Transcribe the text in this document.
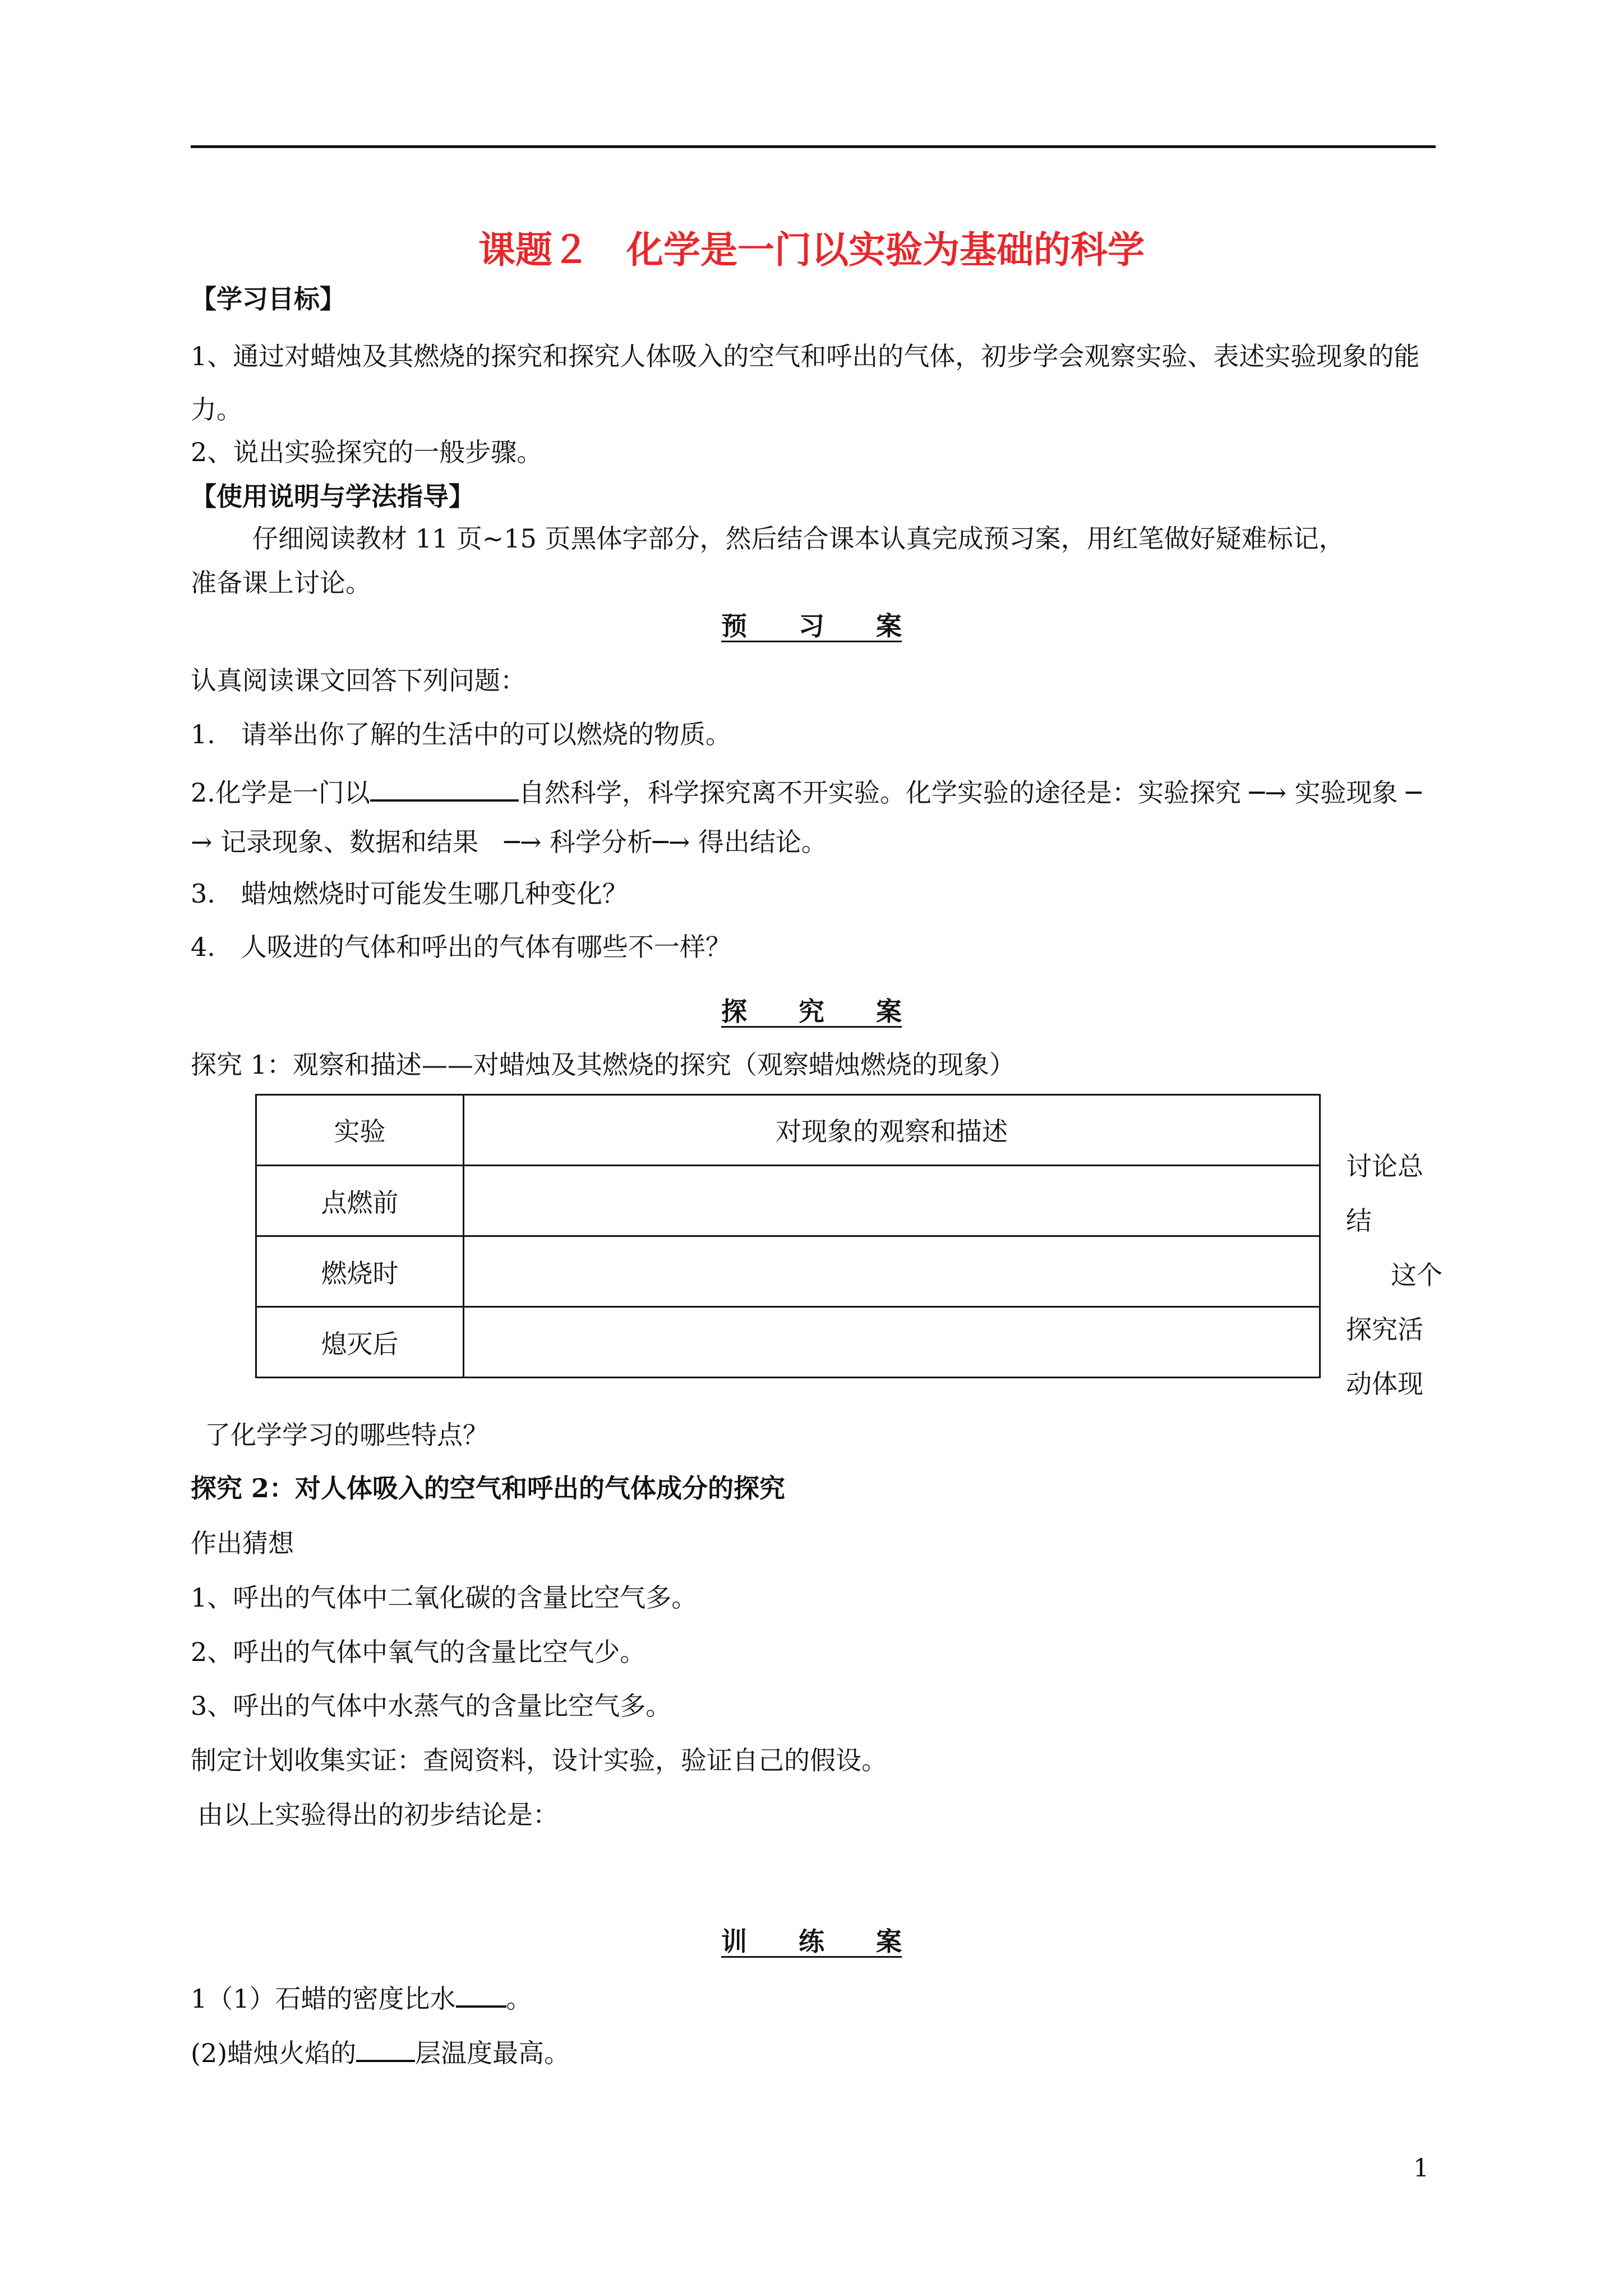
课题２　化学是一门以实验为基础的科学
【学习目标】
1、通过对蜡烛及其燃烧的探究和探究人体吸入的空气和呼出的气体，初步学会观察实验、表述实验现象的能
力。
2、说出实验探究的一般步骤。
【使用说明与学法指导】
仔细阅读教材 11 页~15 页黑体字部分，然后结合课本认真完成预习案，用红笔做好疑难标记，
准备课上讨论。
预　　习　　案
认真阅读课文回答下列问题：
1.　请举出你了解的生活中的可以燃烧的物质。
2.化学是一门以	自然科学，科学探究离不开实验。化学实验的途径是：实验探究 ─→ 实验现象 ─
→ 记录现象、数据和结果　─→ 科学分析─→ 得出结论。
3.　蜡烛燃烧时可能发生哪几种变化？
4.　人吸进的气体和呼出的气体有哪些不一样？
探　　究　　案
探究 1：观察和描述——对蜡烛及其燃烧的探究（观察蜡烛燃烧的现象）
实验	对现象的观察和描述
点燃前	
燃烧时	
熄灭后	
讨论总
结
这个
探究活
动体现
了化学学习的哪些特点？
探究 2：对人体吸入的空气和呼出的气体成分的探究
作出猜想
1、呼出的气体中二氧化碳的含量比空气多。
2、呼出的气体中氧气的含量比空气少。
3、呼出的气体中水蒸气的含量比空气多。
制定计划收集实证：查阅资料，设计实验，验证自己的假设。
由以上实验得出的初步结论是：
训　　练　　案
1（1）石蜡的密度比水 。
(2)蜡烛火焰的 层温度最高。
1
